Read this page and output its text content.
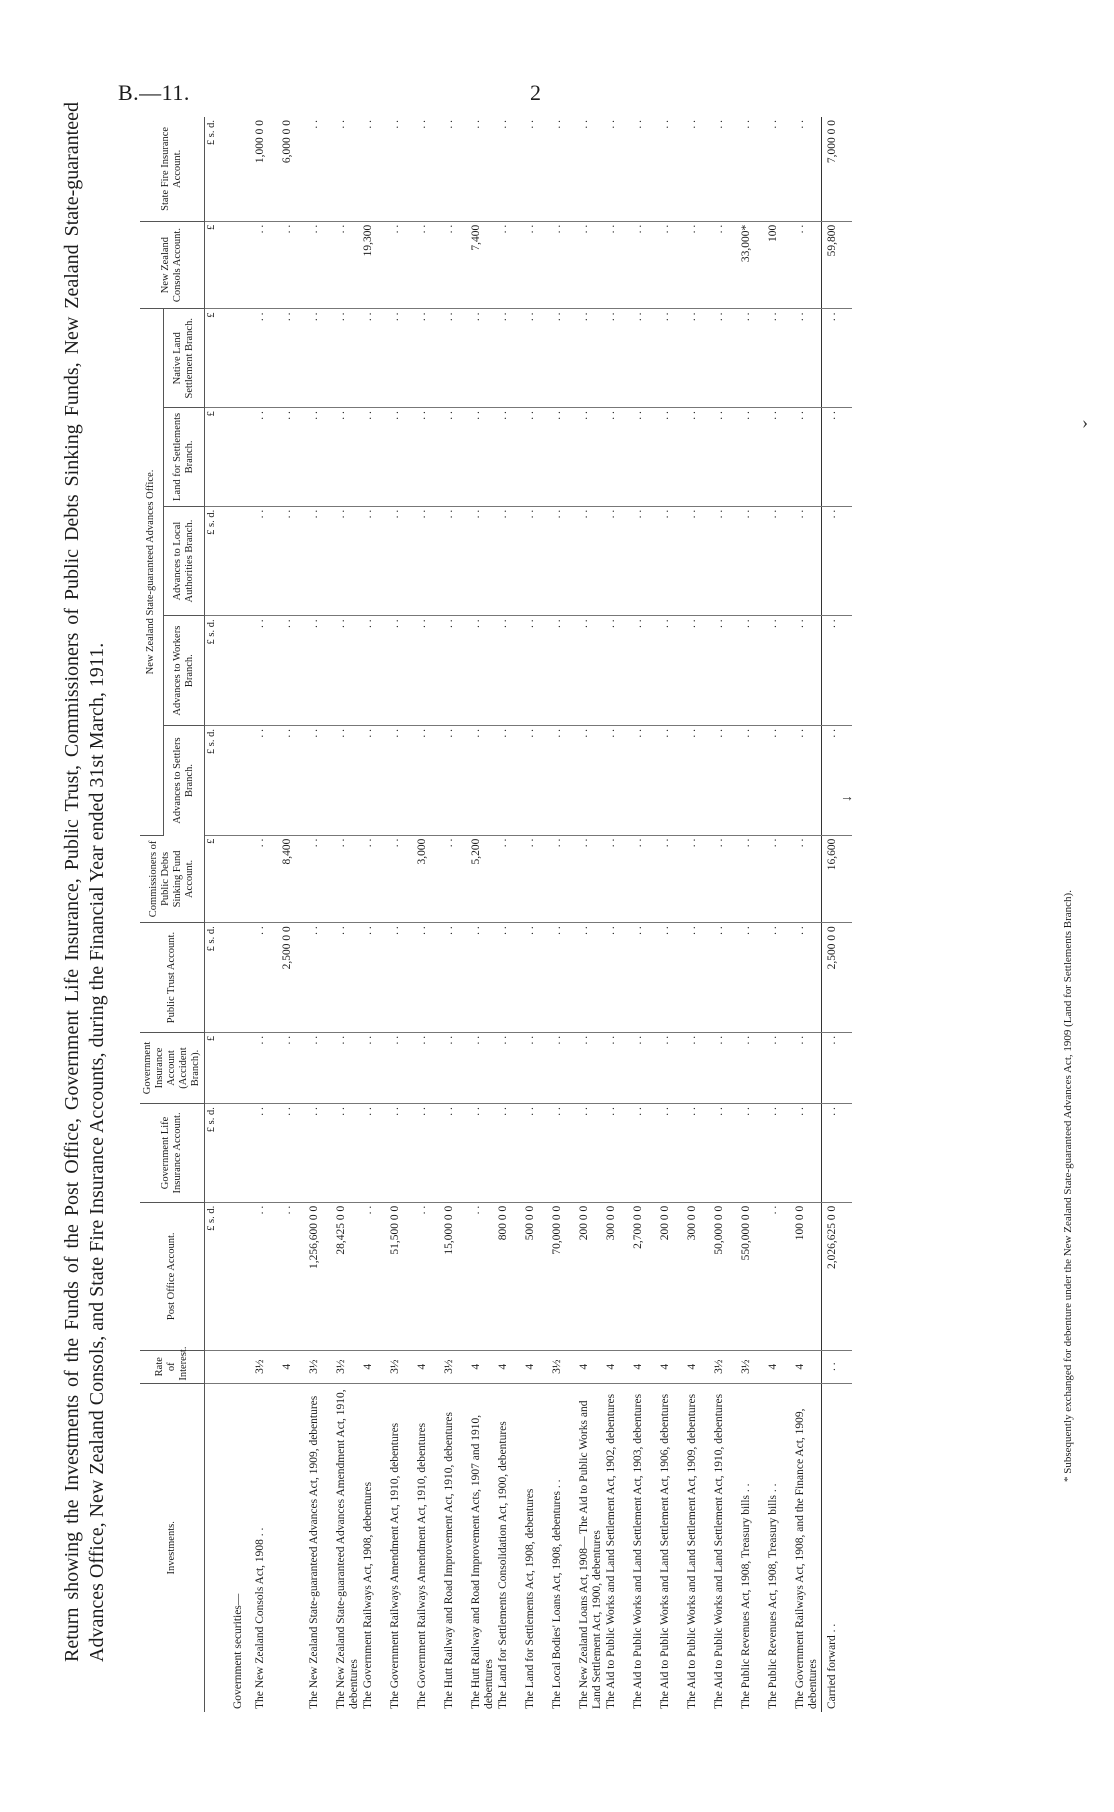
B.—11.	2
Return showing the Investments of the Funds of the Post Office, Government Life Insurance, Public Trust, Commissioners of Public Debts Sinking Funds, New Zealand State-guaranteed Advances Office, New Zealand Consols, and State Fire Insurance Accounts, during the Financial Year ended 31st March, 1911.	Investments.	Rate of Interest.	Post Office Account.	Government Life Insurance Account.	Government Insurance Account (Accident Branch).	Public Trust Account.	Commissioners of Public Debts Sinking Fund Account.	New Zealand State-guaranteed Advances Office.					New Zealand Consols Account.	State Fire Insurance Account.
							Advances to Settlers Branch.	Advances to Workers Branch.	Advances to Local Authorities Branch.	Land for Settlements Branch.	Native Land Settlement Branch.		
		£ s. d.	£ s. d.	£	£ s. d.	£	£ s. d.	£ s. d.	£ s. d.	£	£	£	£ s. d.
Government securities—													
The New Zealand Consols Act, 1908 . .	3½	. .	. .	. .	. .	. .	. .	. .	. .	. .	. .	. .	1,000 0 0
	4	. .	. .	. .	2,500 0 0	8,400	. .	. .	. .	. .	. .	. .	6,000 0 0
The New Zealand State-guaranteed Advances Act, 1909, debentures	3½	1,256,600 0 0	. .	. .	. .	. .	. .	. .	. .	. .	. .	. .	. .
The New Zealand State-guaranteed Advances Amendment Act, 1910, debentures	3½	28,425 0 0	. .	. .	. .	. .	. .	. .	. .	. .	. .	. .	. .
The Government Railways Act, 1908, debentures	4	. .	. .	. .	. .	. .	. .	. .	. .	. .	. .	19,300	. .
The Government Railways Amendment Act, 1910, debentures	3½	51,500 0 0	. .	. .	. .	. .	. .	. .	. .	. .	. .	. .	. .
The Government Railways Amendment Act, 1910, debentures	4	. .	. .	. .	. .	3,000	. .	. .	. .	. .	. .	. .	. .
The Hutt Railway and Road Improvement Act, 1910, debentures	3½	15,000 0 0	. .	. .	. .	. .	. .	. .	. .	. .	. .	. .	. .
The Hutt Railway and Road Improvement Acts, 1907 and 1910, debentures	4	. .	. .	. .	. .	5,200	. .	. .	. .	. .	. .	7,400	. .
The Land for Settlements Consolidation Act, 1900, debentures	4	800 0 0	. .	. .	. .	. .	. .	. .	. .	. .	. .	. .	. .
The Land for Settlements Act, 1908, debentures	4	500 0 0	. .	. .	. .	. .	. .	. .	. .	. .	. .	. .	. .
The Local Bodies' Loans Act, 1908, debentures . .	3½	70,000 0 0	. .	. .	. .	. .	. .	. .	. .	. .	. .	. .	. .
The New Zealand Loans Act, 1908— The Aid to Public Works and Land Settlement Act, 1900, debentures	4	200 0 0	. .	. .	. .	. .	. .	. .	. .	. .	. .	. .	. .
The Aid to Public Works and Land Settlement Act, 1902, debentures	4	300 0 0	. .	. .	. .	. .	. .	. .	. .	. .	. .	. .	. .
The Aid to Public Works and Land Settlement Act, 1903, debentures	4	2,700 0 0	. .	. .	. .	. .	. .	. .	. .	. .	. .	. .	. .
The Aid to Public Works and Land Settlement Act, 1906, debentures	4	200 0 0	. .	. .	. .	. .	. .	. .	. .	. .	. .	. .	. .
The Aid to Public Works and Land Settlement Act, 1909, debentures	4	300 0 0	. .	. .	. .	. .	. .	. .	. .	. .	. .	. .	. .
The Aid to Public Works and Land Settlement Act, 1910, debentures	3½	50,000 0 0	. .	. .	. .	. .	. .	. .	. .	. .	. .	. .	. .
The Public Revenues Act, 1908, Treasury bills . .	3½	550,000 0 0	. .	. .	. .	. .	. .	. .	. .	. .	. .	33,000*	. .
The Public Revenues Act, 1908, Treasury bills . .	4	. .	. .	. .	. .	. .	. .	. .	. .	. .	. .	100	. .
The Government Railways Act, 1908, and the Finance Act, 1909, debentures	4	100 0 0	. .	. .	. .	. .	. .	. .	. .	. .	. .	. .	. .
Carried forward . .	. .	2,026,625 0 0	. .	. .	2,500 0 0	16,600	. .	. .	. .	. .	. .	59,800	7,000 0 0
* Subsequently exchanged for debenture under the New Zealand State-guaranteed Advances Act, 1909 (Land for Settlements Branch).
›
→
